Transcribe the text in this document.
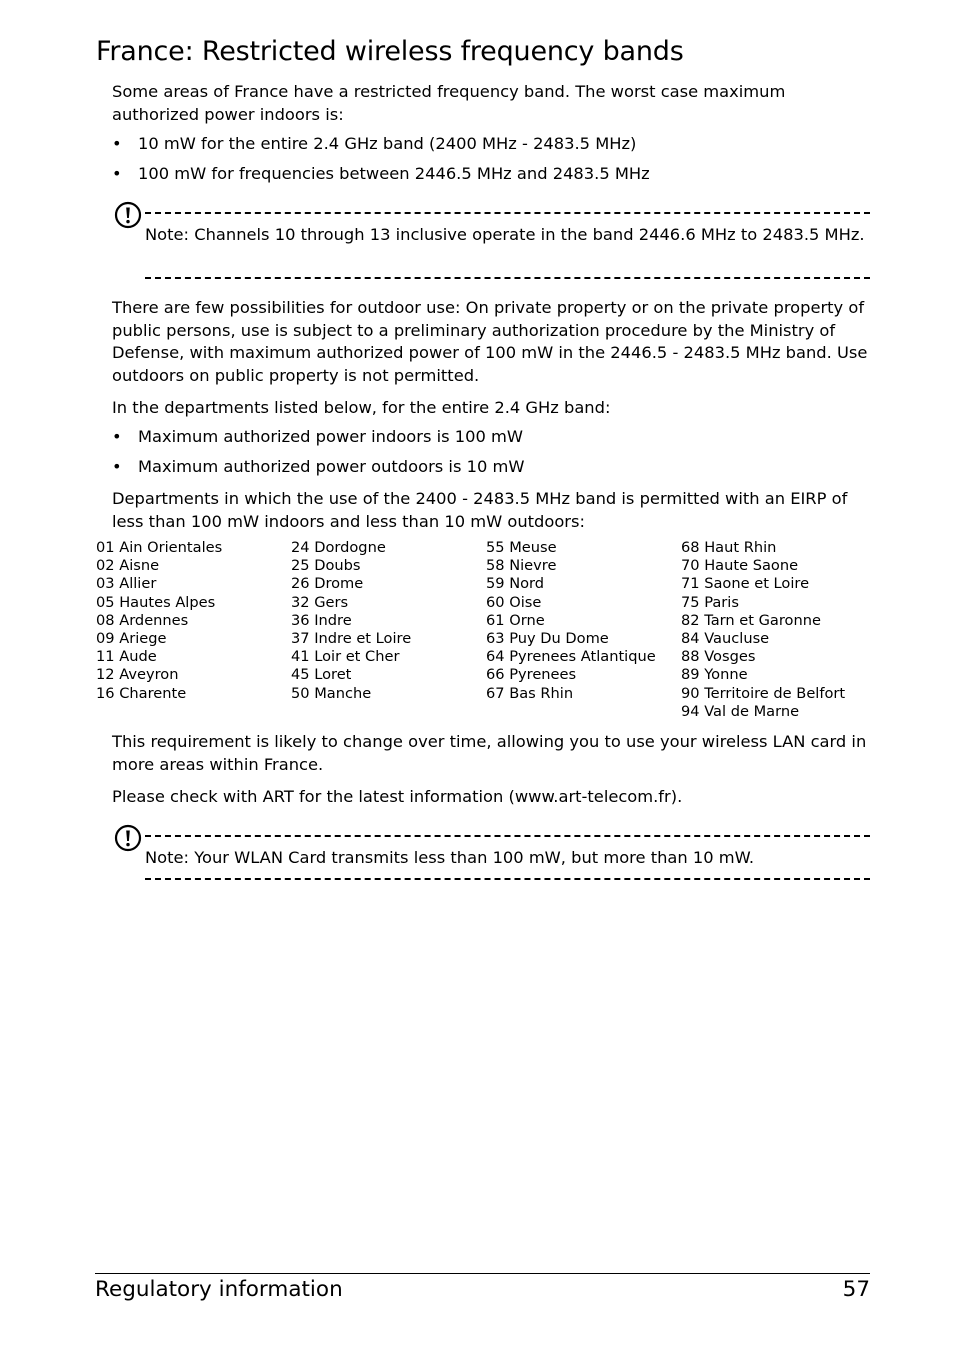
France: Restricted wireless frequency bands

Some areas of France have a restricted frequency band. The worst case maximum authorized power indoors is:

• 10 mW for the entire 2.4 GHz band (2400 MHz - 2483.5 MHz)
• 100 mW for frequencies between 2446.5 MHz and 2483.5 MHz

Note: Channels 10 through 13 inclusive operate in the band 2446.6 MHz to 2483.5 MHz.

There are few possibilities for outdoor use: On private property or on the private property of public persons, use is subject to a preliminary authorization procedure by the Ministry of Defense, with maximum authorized power of 100 mW in the 2446.5 - 2483.5 MHz band. Use outdoors on public property is not permitted.

In the departments listed below, for the entire 2.4 GHz band:

• Maximum authorized power indoors is 100 mW
• Maximum authorized power outdoors is 10 mW

Departments in which the use of the 2400 - 2483.5 MHz band is permitted with an EIRP of less than 100 mW indoors and less than 10 mW outdoors:

01 Ain Orientales
02 Aisne
03 Allier
05 Hautes Alpes
08 Ardennes
09 Ariege
11 Aude
12 Aveyron
16 Charente
24 Dordogne
25 Doubs
26 Drome
32 Gers
36 Indre
37 Indre et Loire
41 Loir et Cher
45 Loret
50 Manche
55 Meuse
58 Nievre
59 Nord
60 Oise
61 Orne
63 Puy Du Dome
64 Pyrenees Atlantique
66 Pyrenees
67 Bas Rhin
68 Haut Rhin
70 Haute Saone
71 Saone et Loire
75 Paris
82 Tarn et Garonne
84 Vaucluse
88 Vosges
89 Yonne
90 Territoire de Belfort
94 Val de Marne

This requirement is likely to change over time, allowing you to use your wireless LAN card in more areas within France.

Please check with ART for the latest information (www.art-telecom.fr).

Note: Your WLAN Card transmits less than 100 mW, but more than 10 mW.

Regulatory information	57
